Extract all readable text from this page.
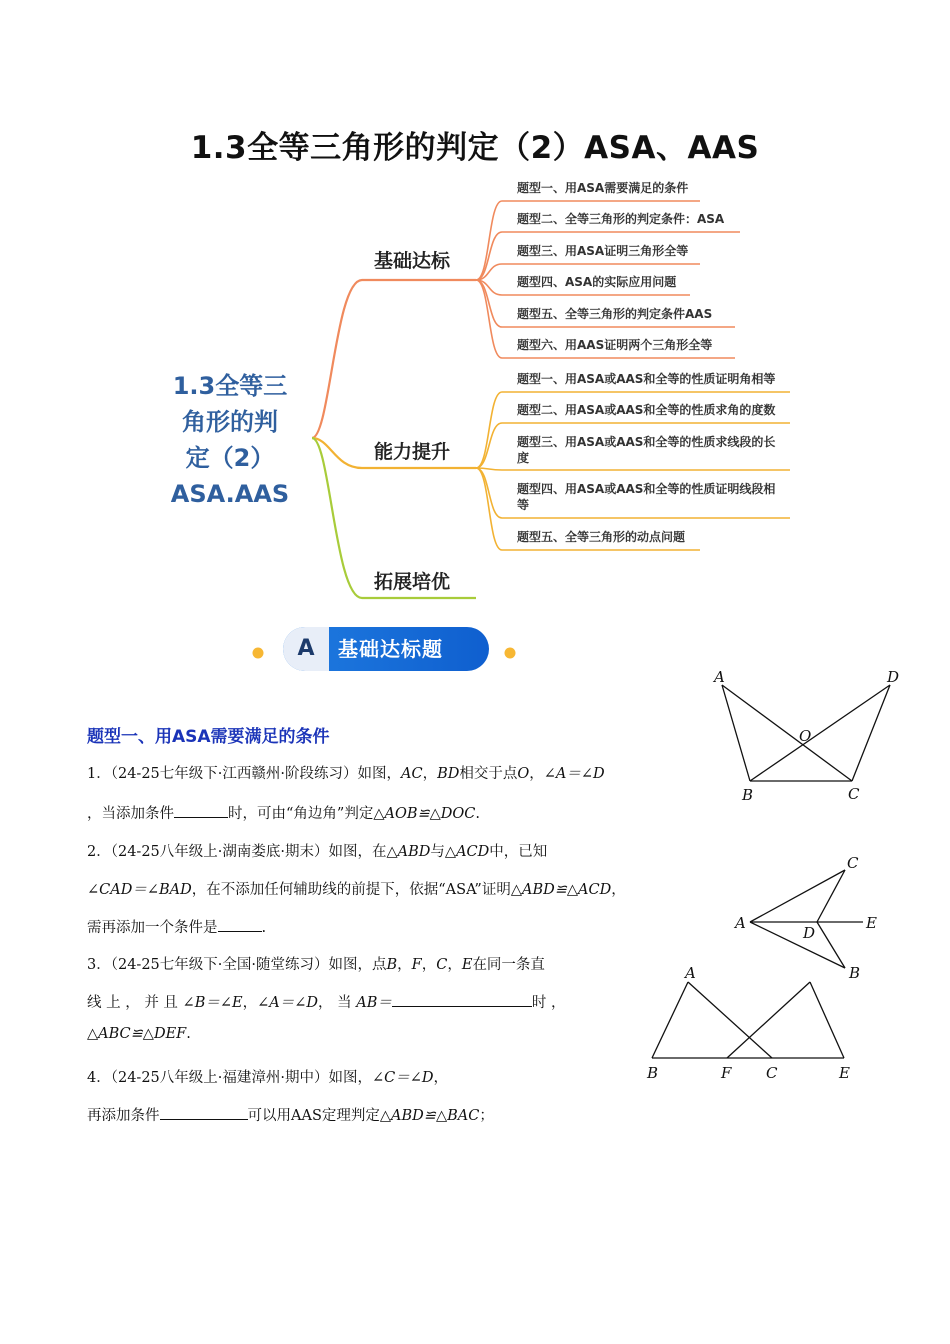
1.3全等三角形的判定（2）ASA、AAS
1.3全等三
角形的判
定（2）
ASA.AAS
基础达标
能力提升
拓展培优
题型一、用ASA需要满足的条件
题型二、全等三角形的判定条件：ASA
题型三、用ASA证明三角形全等
题型四、ASA的实际应用问题
题型五、全等三角形的判定条件AAS
题型六、用AAS证明两个三角形全等
题型一、用ASA或AAS和全等的性质证明角相等
题型二、用ASA或AAS和全等的性质求角的度数
题型三、用ASA或AAS和全等的性质求线段的长
度
题型四、用ASA或AAS和全等的性质证明线段相
等
题型五、全等三角形的动点问题
A	基础达标题
题型一、用ASA需要满足的条件
1．（24-25七年级下·江西赣州·阶段练习）如图，AC，BD相交于点O，∠A＝∠D
，当添加条件	时，可由“角边角”判定△AOB≌△DOC.
2．（24-25八年级上·湖南娄底·期末）如图，在△ABD与△ACD中，已知
∠CAD＝∠BAD，在不添加任何辅助线的前提下，依据“ASA”证明△ABD≌△ACD，
需再添加一个条件是	.
3．（24-25七年级下·全国·随堂练习）如图，点B，F，C，E在同一条直
线 上 ， 并 且 ∠B＝∠E，∠A＝∠D， 当 AB＝	时 ，
△ABC≌△DEF.
4．（24-25八年级上·福建漳州·期中）如图，∠C＝∠D，
再添加条件	可以用AAS定理判定△ABD≌△BAC；
A	D
O
B	C
C
A
D
E
B
A
B	F C	E
